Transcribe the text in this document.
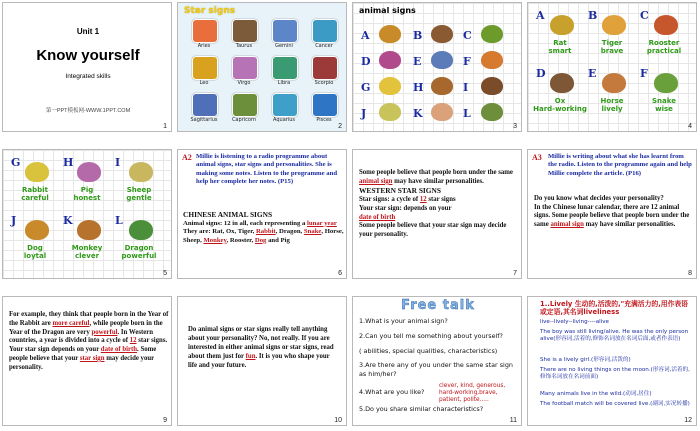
Unit 1
Know yourself
Integrated skills
第一PPT模板网-WWW.1PPT.COM
1
Star signs
Aries	Taurus	Gemini	Cancer
Leo	Virgo	Libra	Scorpio
Sagittarius	Capricorn	Aquarius	Pisces
2
animal signs
A	B	C
D	E	F
G	H	I
J	K	L
3
A
Rat
smart
B
Tiger
brave
C
Rooster
practical
D
Ox
Hard-working
E
Horse
lively
F
Snake
wise
4
G
Rabbit
careful
H
Pig
honest
I
Sheep
gentle
J
Dog
loytal
K
Monkey
clever
L
Dragon
powerful
5
A2 Millie is listening to a radio programme about animal signs, star signs and personalities. She is making some notes. Listen to the programme and help her complete her notes. (P15)
CHINESE ANIMAL SIGNS
Animal signs: 12 in all, each representing a lunar year
They are: Rat, Ox, Tiger, Rabbit, Dragon, Snake, Horse, Sheep, Monkey, Rooster, Dog and Pig
6
Some people believe that people born under the same animal sign may have similar personalities.
WESTERN STAR SIGNS
Star signs: a cycle of 12 star signs
Your star sign: depends on your
date of birth
Some people believe that your star sign may decide your personality.
7
A3 Millie is writing about what she has learnt from the radio. Listen to the programme again and help Millie complete the article. (P16)
Do you know what decides your personality?
In the Chinese lunar calendar, there are 12 animal signs. Some people believe that people born under the same animal sign may have similar personalities.
8
For example, they think that people born in the Year of the Rabbit are more careful, while people born in the Year of the Dragon are very powerful. In Western countries, a year is divided into a cycle of 12 star signs. Your star sign depends on your date of birth. Some people believe that your star sign may decide your personality.
9
Do animal signs or star signs really tell anything about your personality? No, not really. If you are interested in either animal signs or star signs, read about them just for fun. It is you who shape your life and your future.
10
Free talk
1.What is your animal sign?
2.Can you tell me something about yourself?
( abilities, special qualities, characteristics)
3.Are there any of you under the same star sign as him/her?
4.What are you like?
clever, kind, generous, hard-working,brave, patient, polite.....
5.Do you share similar characteristics?
11
1..Lively 生动的,活泼的,"充满活力的,用作表语或定语,其名词liveliness
live--lively--living----alive
The boy was still living/alive. He was the only person alive(形容词,活着的,修饰名词放在名词后面,或者作表语)
She is a lively girl.(形容词,活泼的)
There are no living things on the moon.(形容词,活着的,修饰名词放在名词前面)
Many animals live in the wild.(动词,居住)
The football match will be covered live.(副词,实况转播)
12
